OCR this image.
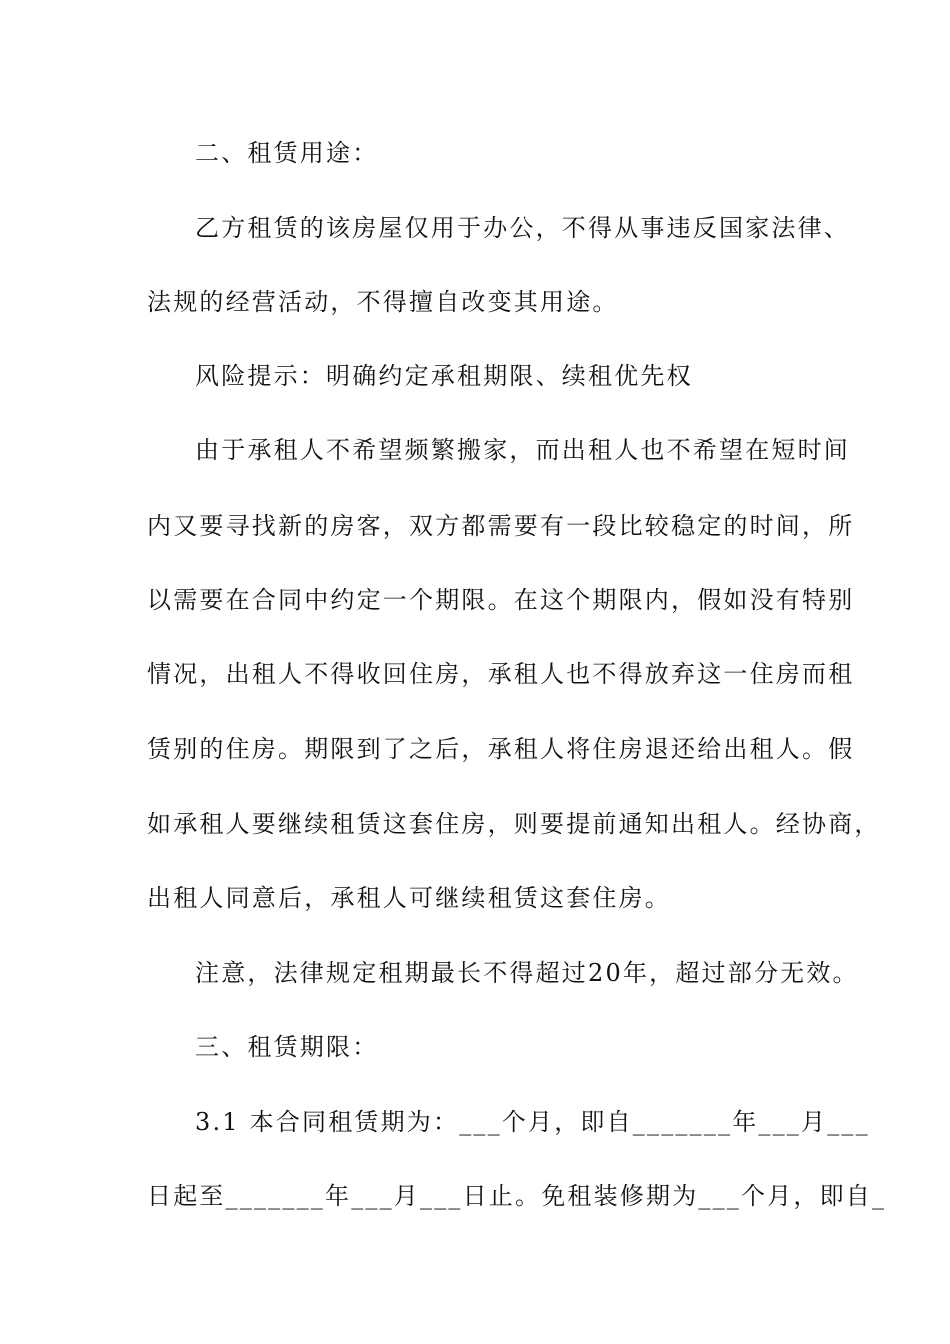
二、租赁用途：
乙方租赁的该房屋仅用于办公，不得从事违反国家法律、
法规的经营活动，不得擅自改变其用途。
风险提示：明确约定承租期限、续租优先权
由于承租人不希望频繁搬家，而出租人也不希望在短时间
内又要寻找新的房客，双方都需要有一段比较稳定的时间，所
以需要在合同中约定一个期限。在这个期限内，假如没有特别
情况，出租人不得收回住房，承租人也不得放弃这一住房而租
赁别的住房。期限到了之后，承租人将住房退还给出租人。假
如承租人要继续租赁这套住房，则要提前通知出租人。经协商，
出租人同意后，承租人可继续租赁这套住房。
注意，法律规定租期最长不得超过20年，超过部分无效。
三、租赁期限：
3.1 本合同租赁期为：___个月，即自_______年___月___
日起至_______年___月___日止。免租装修期为___个月，即自_
